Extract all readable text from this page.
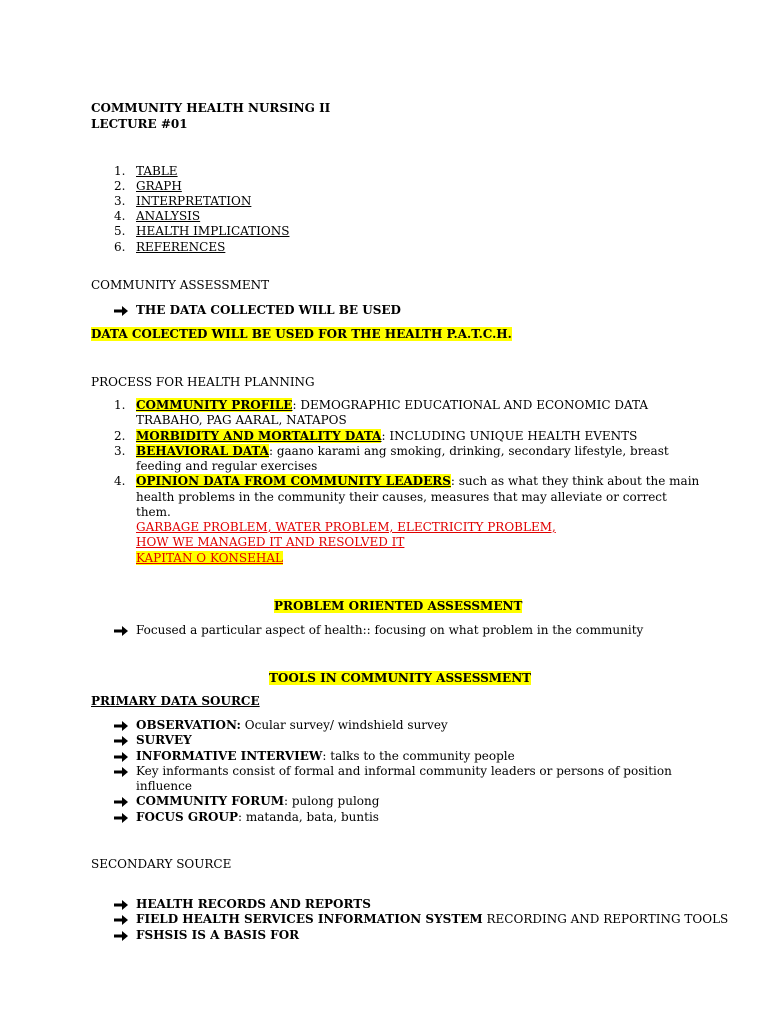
COMMUNITY HEALTH NURSING II
LECTURE #01
1. TABLE
2. GRAPH
3. INTERPRETATION
4. ANALYSIS
5. HEALTH IMPLICATIONS
6. REFERENCES
COMMUNITY ASSESSMENT
THE DATA COLLECTED WILL BE USED
DATA COLECTED WILL BE USED FOR THE HEALTH P.A.T.C.H.
PROCESS FOR HEALTH PLANNING
1. COMMUNITY PROFILE: DEMOGRAPHIC EDUCATIONAL AND ECONOMIC DATA
TRABAHO, PAG AARAL, NATAPOS
2. MORBIDITY AND MORTALITY DATA: INCLUDING UNIQUE HEALTH EVENTS
3. BEHAVIORAL DATA: gaano karami ang smoking, drinking, secondary lifestyle, breast
feeding and regular exercises
4. OPINION DATA FROM COMMUNITY LEADERS: such as what they think about the main
health problems in the community their causes, measures that may alleviate or correct
them.
GARBAGE PROBLEM, WATER PROBLEM, ELECTRICITY PROBLEM,
HOW WE MANAGED IT AND RESOLVED IT
KAPITAN O KONSEHAL
PROBLEM ORIENTED ASSESSMENT
Focused a particular aspect of health:: focusing on what problem in the community
TOOLS IN COMMUNITY ASSESSMENT
PRIMARY DATA SOURCE
OBSERVATION: Ocular survey/ windshield survey
SURVEY
INFORMATIVE INTERVIEW: talks to the community people
Key informants consist of formal and informal community leaders or persons of position
influence
COMMUNITY FORUM: pulong pulong
FOCUS GROUP: matanda, bata, buntis
SECONDARY SOURCE
HEALTH RECORDS AND REPORTS
FIELD HEALTH SERVICES INFORMATION SYSTEM RECORDING AND REPORTING TOOLS
FSHSIS IS A BASIS FOR
